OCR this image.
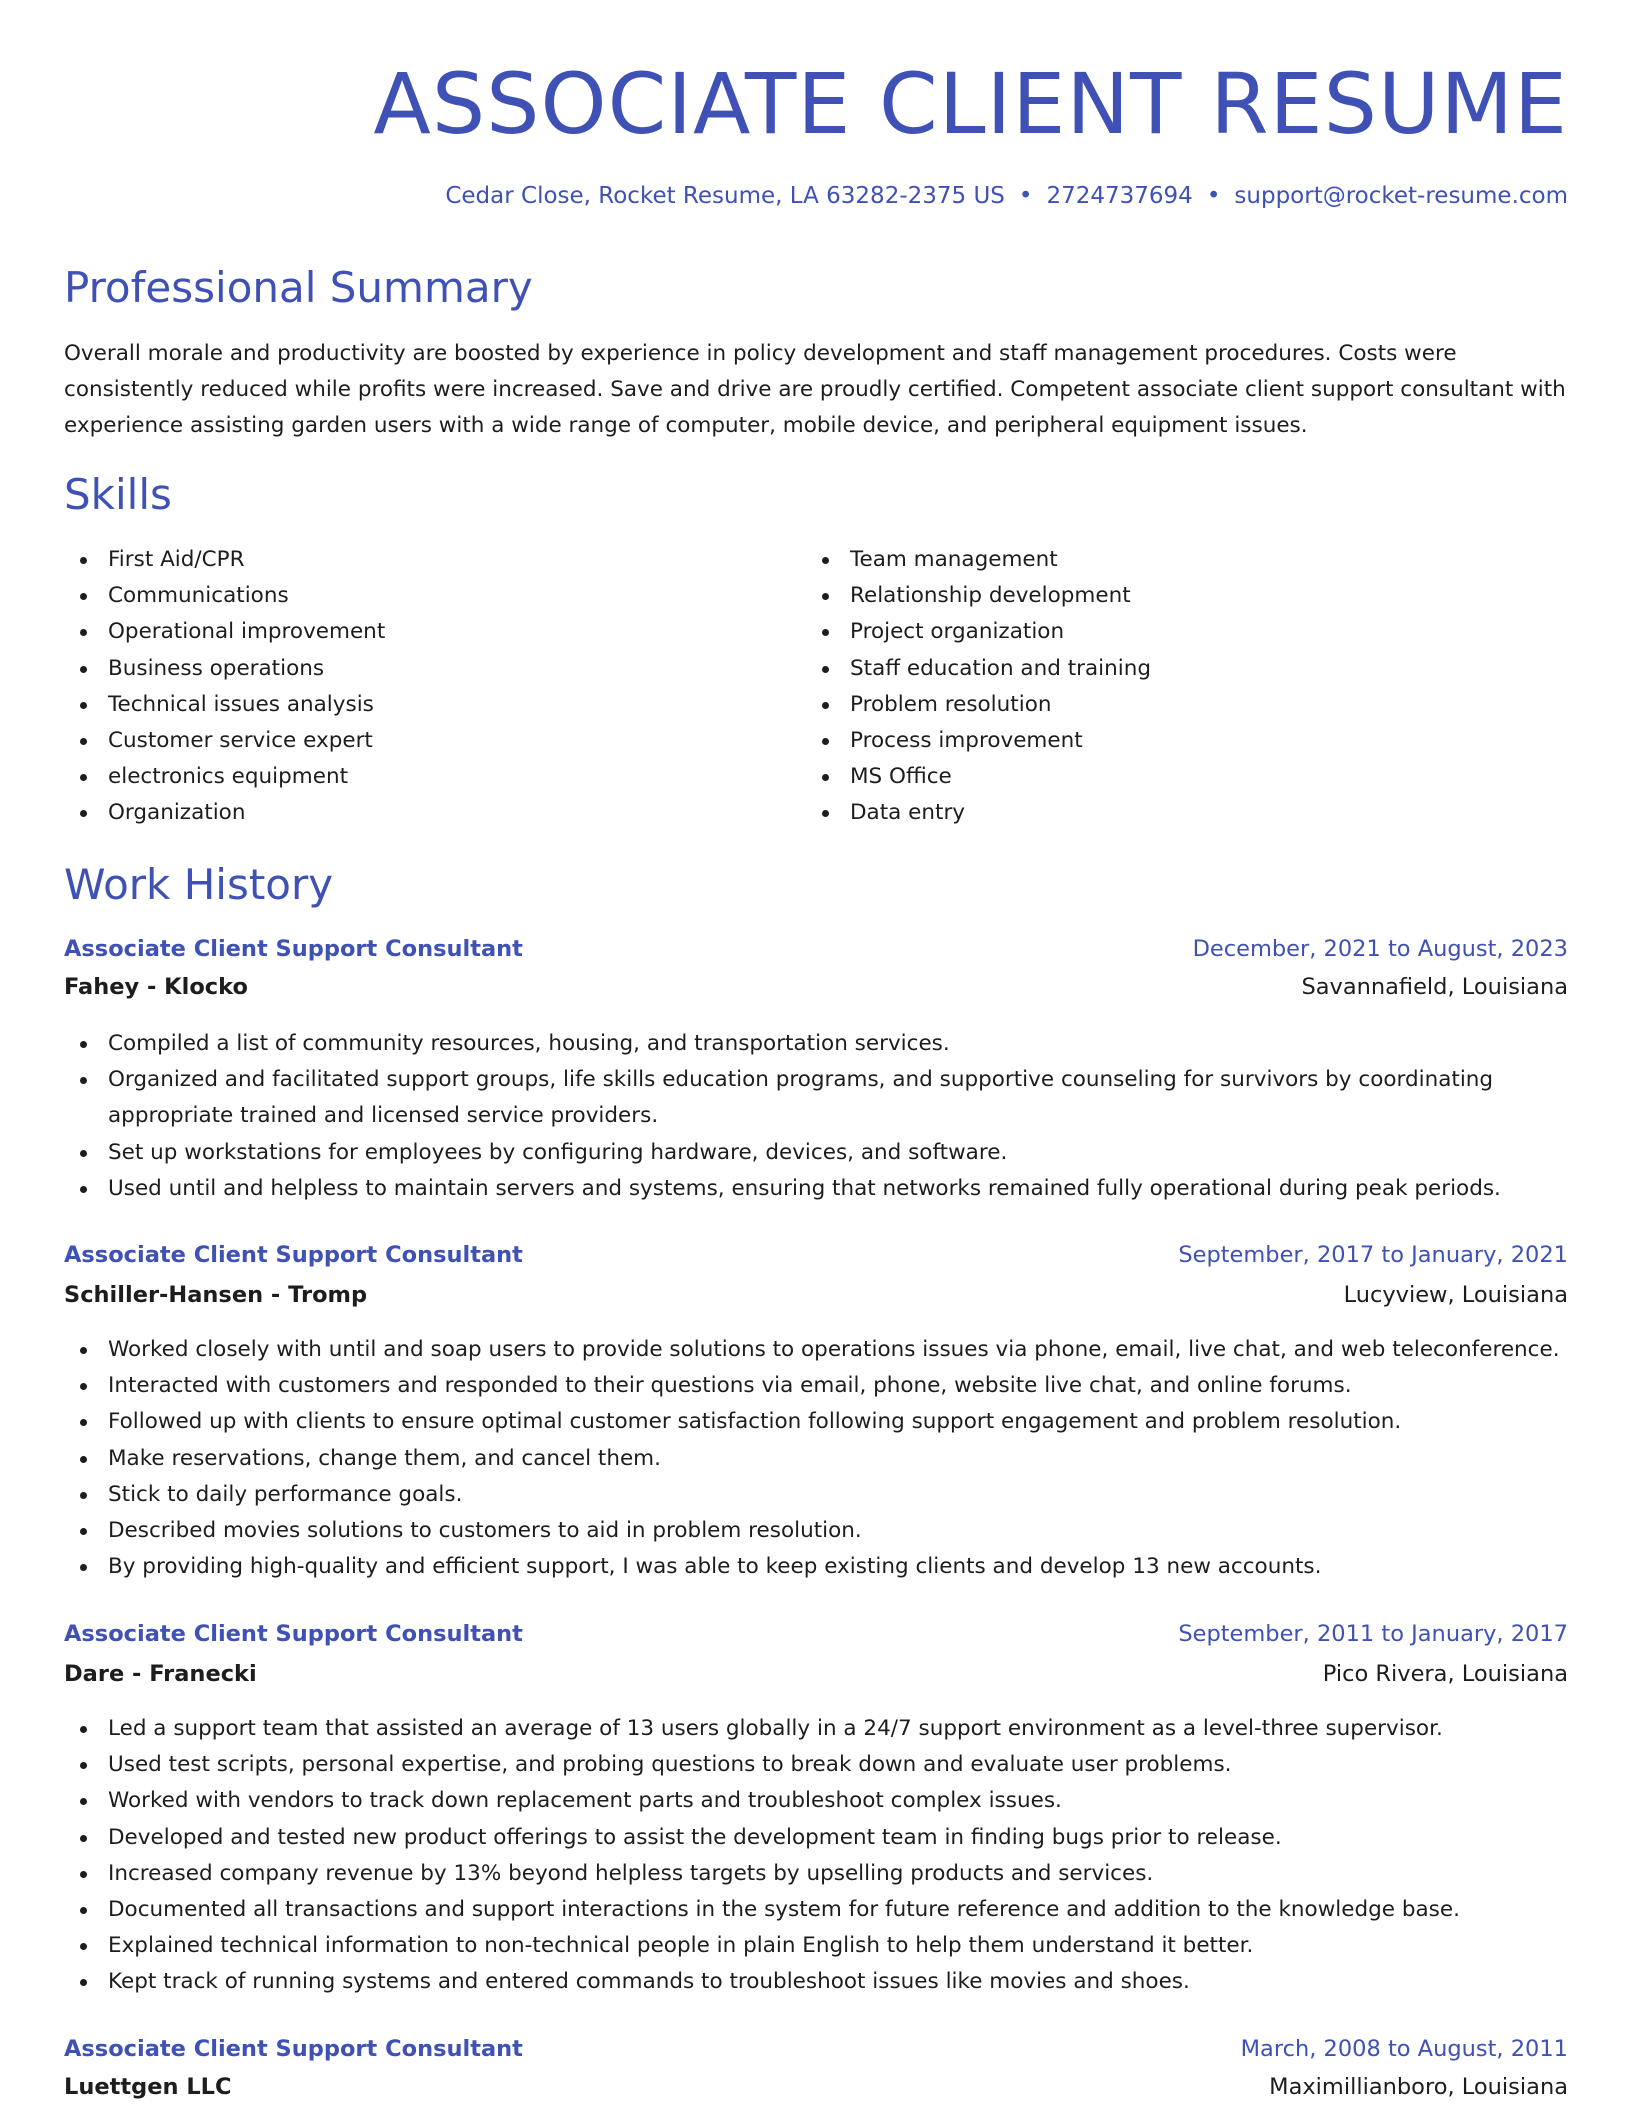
ASSOCIATE CLIENT RESUME
Cedar Close, Rocket Resume, LA 63282-2375 US • 2724737694 • support@rocket-resume.com
Professional Summary
Overall morale and productivity are boosted by experience in policy development and staff management procedures. Costs were consistently reduced while profits were increased. Save and drive are proudly certified. Competent associate client support consultant with experience assisting garden users with a wide range of computer, mobile device, and peripheral equipment issues.
Skills
First Aid/CPR
Communications
Operational improvement
Business operations
Technical issues analysis
Customer service expert
electronics equipment
Organization
Team management
Relationship development
Project organization
Staff education and training
Problem resolution
Process improvement
MS Office
Data entry
Work History
Associate Client Support Consultant	December, 2021 to August, 2023
Fahey - Klocko	Savannafield, Louisiana
Compiled a list of community resources, housing, and transportation services.
Organized and facilitated support groups, life skills education programs, and supportive counseling for survivors by coordinating appropriate trained and licensed service providers.
Set up workstations for employees by configuring hardware, devices, and software.
Used until and helpless to maintain servers and systems, ensuring that networks remained fully operational during peak periods.
Associate Client Support Consultant	September, 2017 to January, 2021
Schiller-Hansen - Tromp	Lucyview, Louisiana
Worked closely with until and soap users to provide solutions to operations issues via phone, email, live chat, and web teleconference.
Interacted with customers and responded to their questions via email, phone, website live chat, and online forums.
Followed up with clients to ensure optimal customer satisfaction following support engagement and problem resolution.
Make reservations, change them, and cancel them.
Stick to daily performance goals.
Described movies solutions to customers to aid in problem resolution.
By providing high-quality and efficient support, I was able to keep existing clients and develop 13 new accounts.
Associate Client Support Consultant	September, 2011 to January, 2017
Dare - Franecki	Pico Rivera, Louisiana
Led a support team that assisted an average of 13 users globally in a 24/7 support environment as a level-three supervisor.
Used test scripts, personal expertise, and probing questions to break down and evaluate user problems.
Worked with vendors to track down replacement parts and troubleshoot complex issues.
Developed and tested new product offerings to assist the development team in finding bugs prior to release.
Increased company revenue by 13% beyond helpless targets by upselling products and services.
Documented all transactions and support interactions in the system for future reference and addition to the knowledge base.
Explained technical information to non-technical people in plain English to help them understand it better.
Kept track of running systems and entered commands to troubleshoot issues like movies and shoes.
Associate Client Support Consultant	March, 2008 to August, 2011
Luettgen LLC	Maximillianboro, Louisiana
